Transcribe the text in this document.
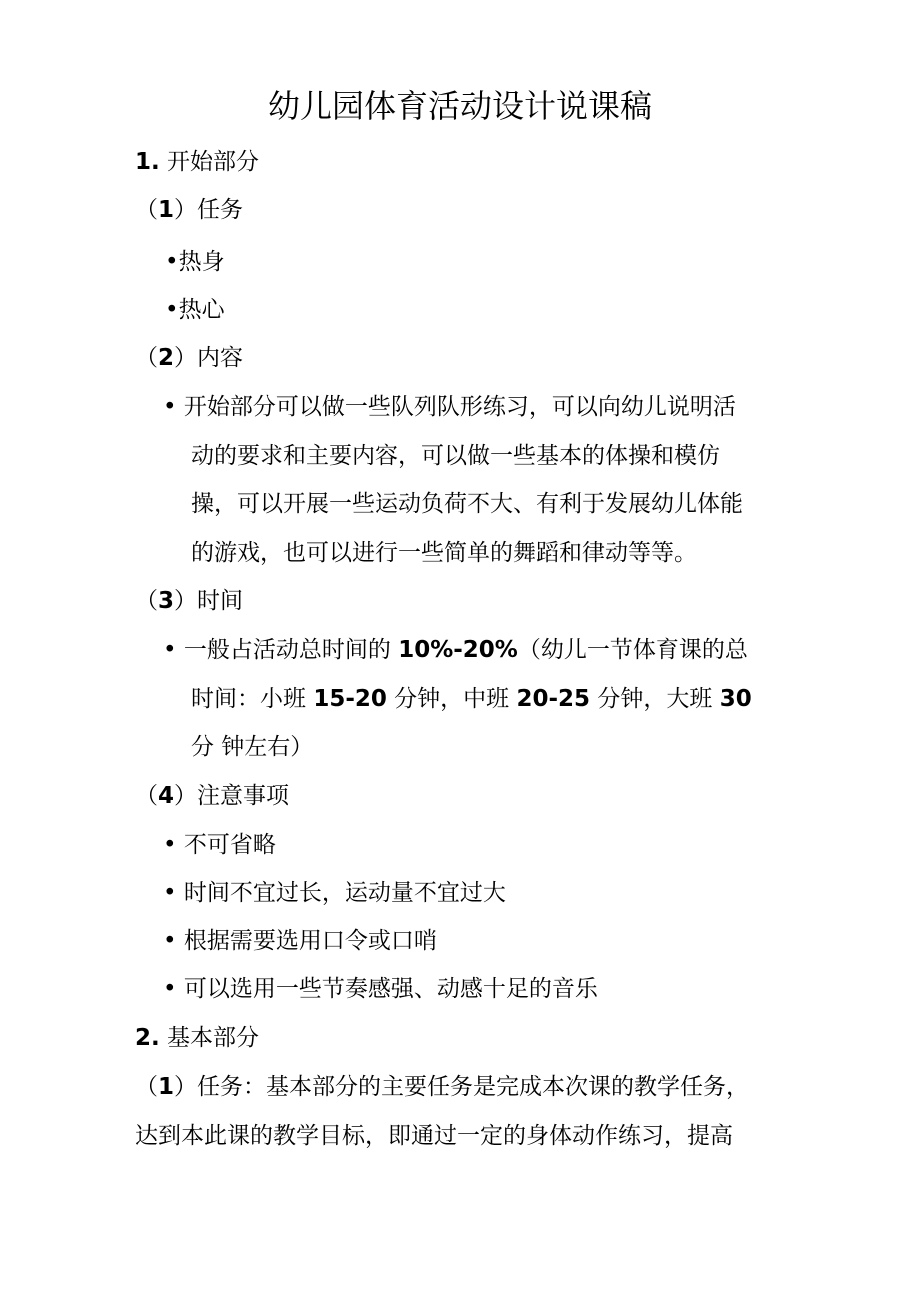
幼儿园体育活动设计说课稿
1. 开始部分
（1）任务
•热身
•热心
（2）内容
• 开始部分可以做一些队列队形练习，可以向幼儿说明活
动的要求和主要内容，可以做一些基本的体操和模仿
操，可以开展一些运动负荷不大、有利于发展幼儿体能
的游戏，也可以进行一些简单的舞蹈和律动等等。
（3）时间
• 一般占活动总时间的 10%-20%（幼儿一节体育课的总
时间：小班 15-20 分钟，中班 20-25 分钟，大班 30
分 钟左右）
（4）注意事项
• 不可省略
• 时间不宜过长，运动量不宜过大
• 根据需要选用口令或口哨
• 可以选用一些节奏感强、动感十足的音乐
2. 基本部分
（1）任务：基本部分的主要任务是完成本次课的教学任务，
达到本此课的教学目标，即通过一定的身体动作练习，提高
